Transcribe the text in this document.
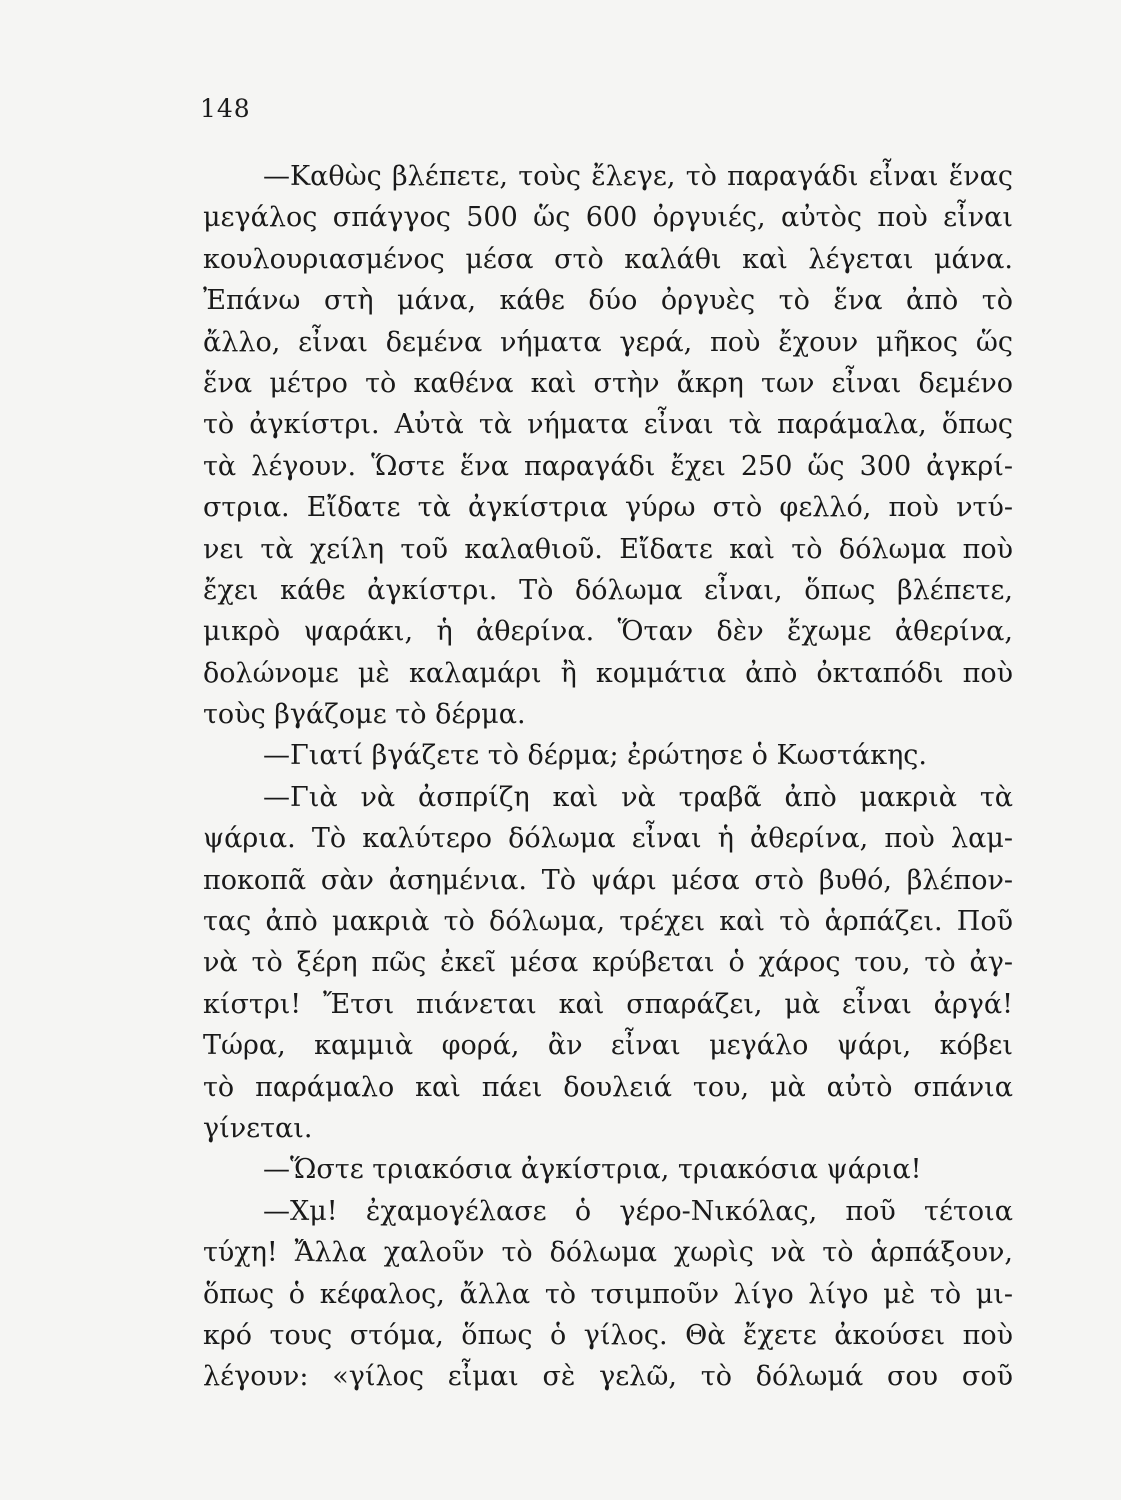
148
—Καθὼς βλέπετε, τοὺς ἔλεγε, τὸ παραγάδι εἶναι ἕνας
μεγάλος σπάγγος 500 ὥς 600 ὀργυιές, αὐτὸς ποὺ εἶναι
κουλουριασμένος μέσα στὸ καλάθι καὶ λέγεται μάνα.
Ἐπάνω στὴ μάνα, κάθε δύο ὀργυὲς τὸ ἕνα ἀπὸ τὸ
ἄλλο, εἶναι δεμένα νήματα γερά, ποὺ ἔχουν μῆκος ὥς
ἕνα μέτρο τὸ καθένα καὶ στὴν ἄκρη των εἶναι δεμένο
τὸ ἀγκίστρι. Αὐτὰ τὰ νήματα εἶναι τὰ παράμαλα, ὅπως
τὰ λέγουν. Ὥστε ἕνα παραγάδι ἔχει 250 ὥς 300 ἀγκρί-
στρια. Εἴδατε τὰ ἀγκίστρια γύρω στὸ φελλό, ποὺ ντύ-
νει τὰ χείλη τοῦ καλαθιοῦ. Εἴδατε καὶ τὸ δόλωμα ποὺ
ἔχει κάθε ἀγκίστρι. Τὸ δόλωμα εἶναι, ὅπως βλέπετε,
μικρὸ ψαράκι, ἡ ἀθερίνα. Ὅταν δὲν ἔχωμε ἀθερίνα,
δολώνομε μὲ καλαμάρι ἢ κομμάτια ἀπὸ ὀκταπόδι ποὺ
τοὺς βγάζομε τὸ δέρμα.
—Γιατί βγάζετε τὸ δέρμα; ἐρώτησε ὁ Κωστάκης.
—Γιὰ νὰ ἀσπρίζη καὶ νὰ τραβᾶ ἀπὸ μακριὰ τὰ
ψάρια. Τὸ καλύτερο δόλωμα εἶναι ἡ ἀθερίνα, ποὺ λαμ-
ποκοπᾶ σὰν ἀσημένια. Τὸ ψάρι μέσα στὸ βυθό, βλέπον-
τας ἀπὸ μακριὰ τὸ δόλωμα, τρέχει καὶ τὸ ἁρπάζει. Ποῦ
νὰ τὸ ξέρη πῶς ἐκεῖ μέσα κρύβεται ὁ χάρος του, τὸ ἀγ-
κίστρι! Ἔτσι πιάνεται καὶ σπαράζει, μὰ εἶναι ἀργά!
Τώρα, καμμιὰ φορά, ἂν εἶναι μεγάλο ψάρι, κόβει
τὸ παράμαλο καὶ πάει δουλειά του, μὰ αὐτὸ σπάνια
γίνεται.
—Ὥστε τριακόσια ἀγκίστρια, τριακόσια ψάρια!
—Χμ! ἐχαμογέλασε ὁ γέρο-Νικόλας, ποῦ τέτοια
τύχη! Ἄλλα χαλοῦν τὸ δόλωμα χωρὶς νὰ τὸ ἁρπάξουν,
ὅπως ὁ κέφαλος, ἄλλα τὸ τσιμποῦν λίγο λίγο μὲ τὸ μι-
κρό τους στόμα, ὅπως ὁ γίλος. Θὰ ἔχετε ἀκούσει ποὺ
λέγουν: «γίλος εἶμαι σὲ γελῶ, τὸ δόλωμά σου σοῦ
